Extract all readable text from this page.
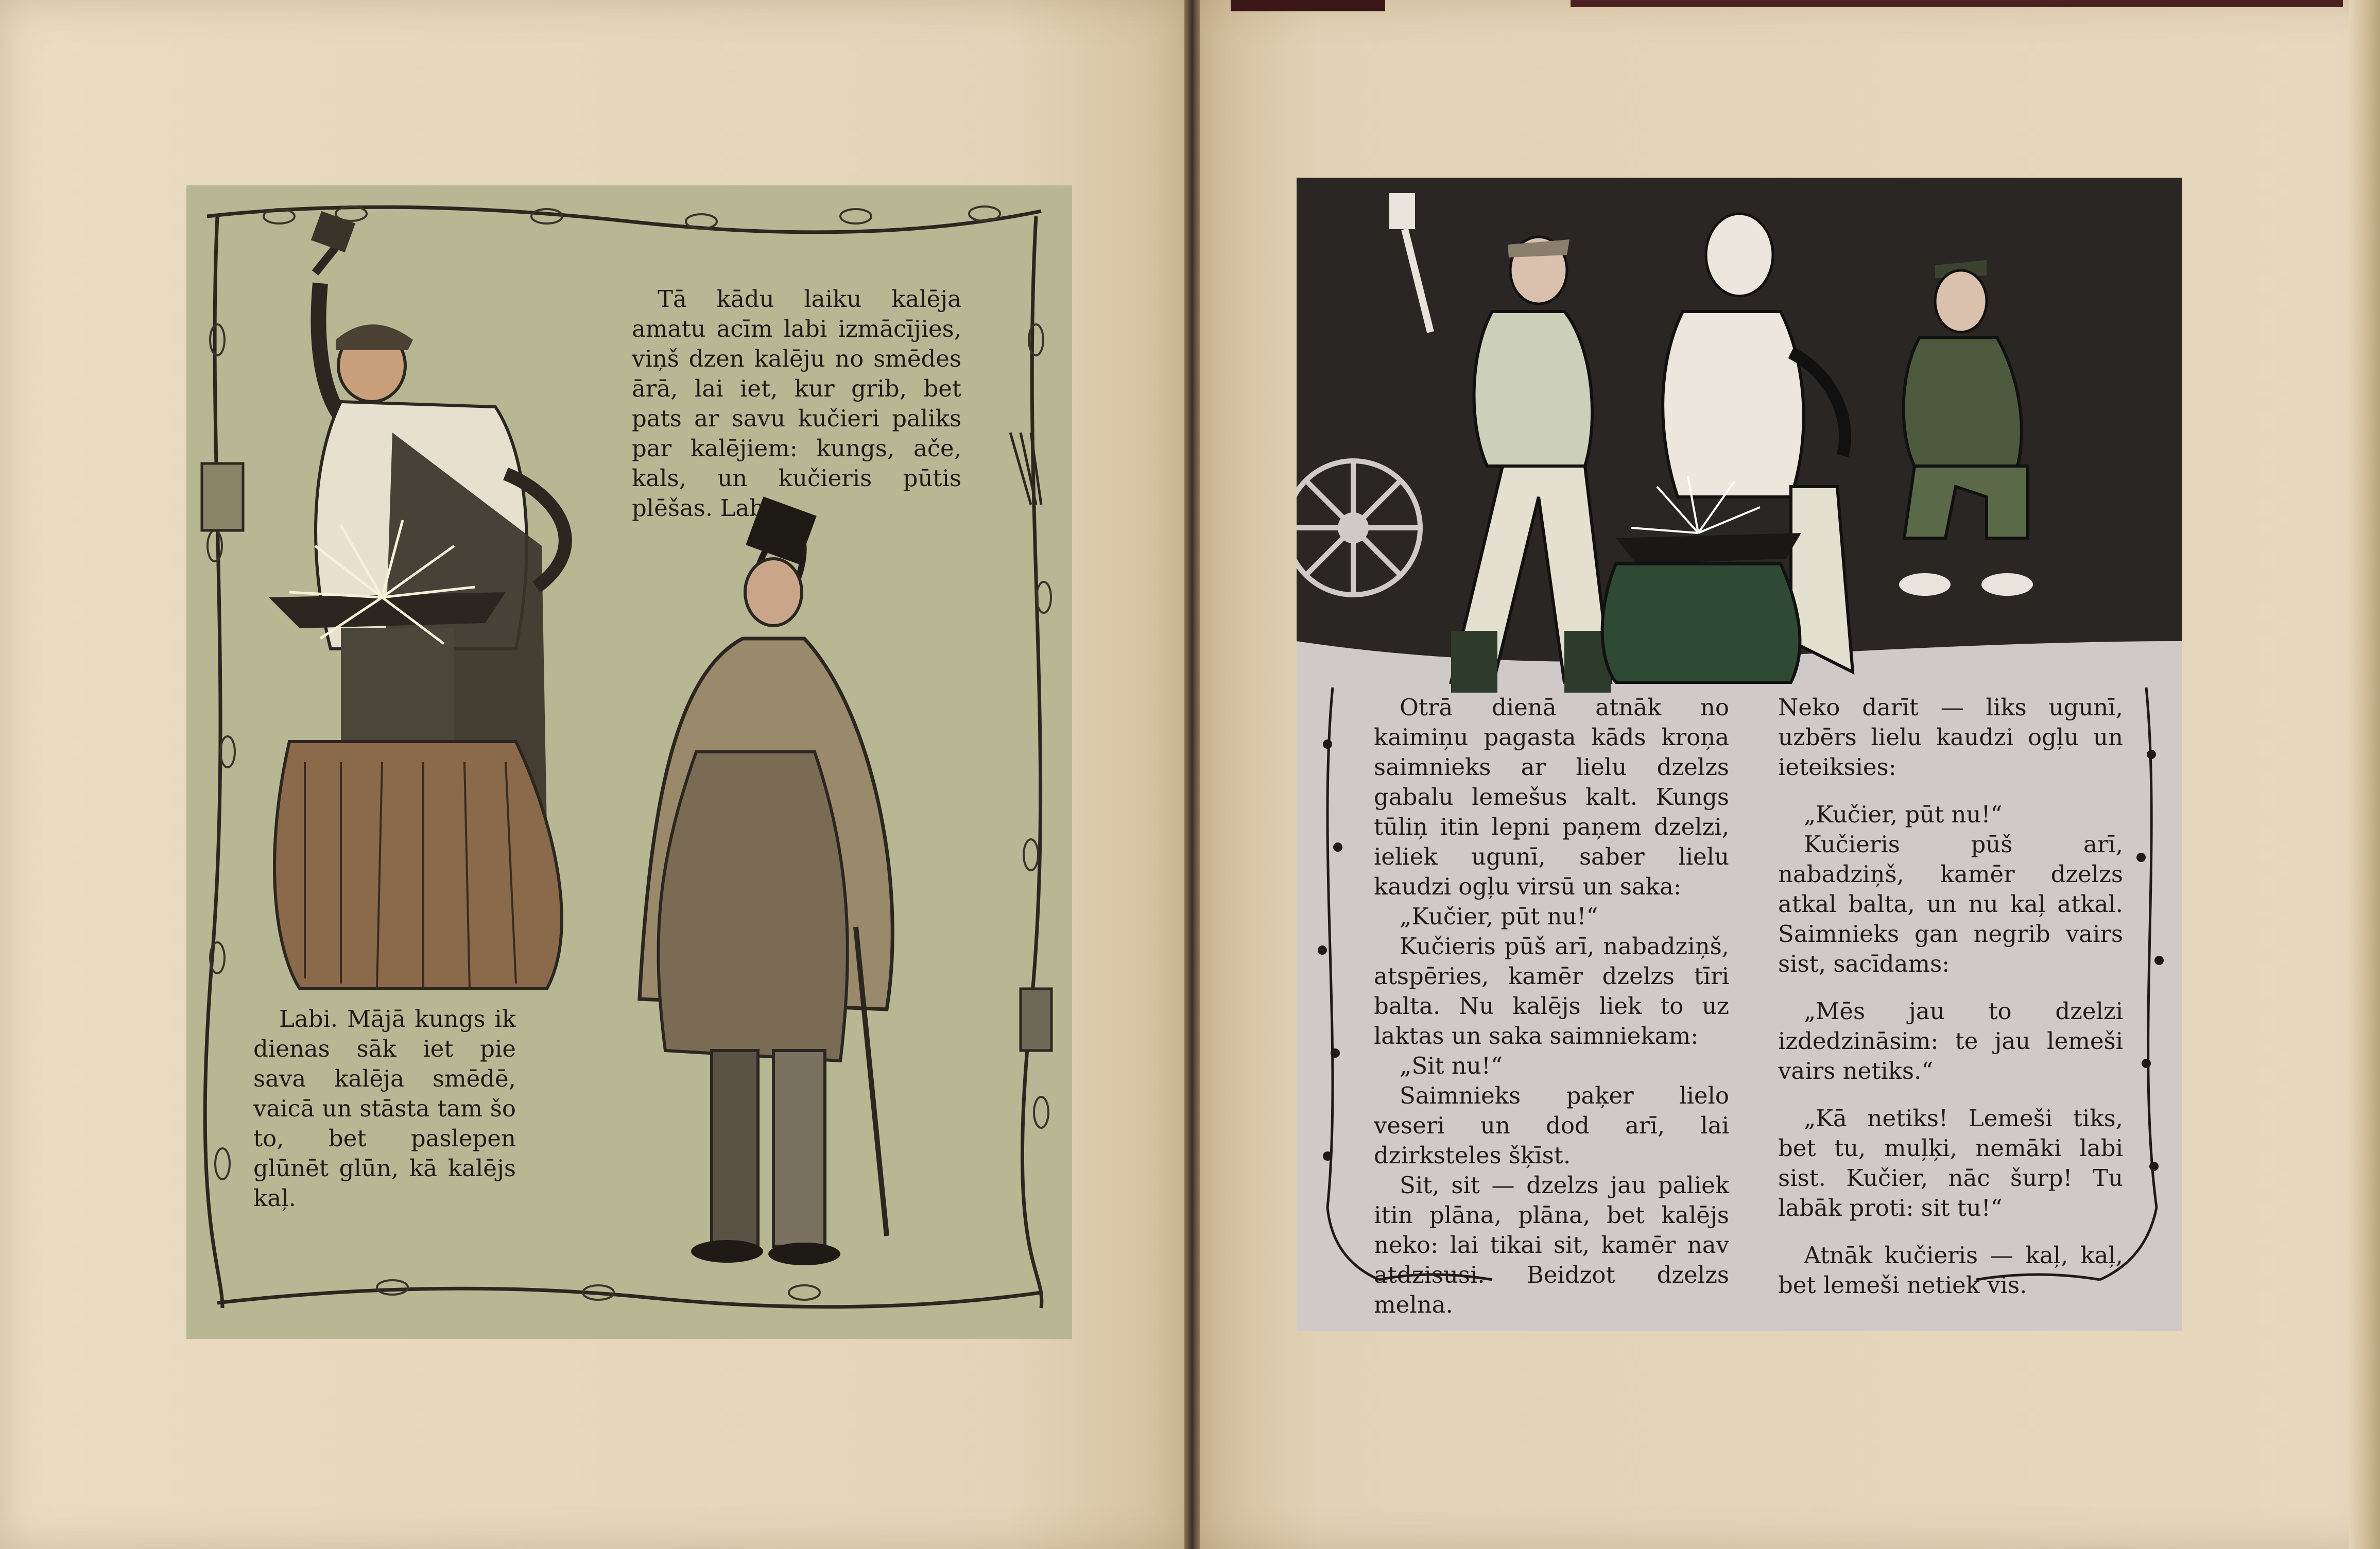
Tā kādu laiku kalēja amatu acīm labi izmācījies, viņš dzen kalēju no smēdes ārā, lai iet, kur grib, bet pats ar savu kučieri paliks par kalējiem: kungs, ače, kals, un kučieris pūtis plēšas. Labi.

Labi. Mājā kungs ik dienas sāk iet pie sava kalēja smēdē, vaicā un stāsta tam šo to, bet paslepen glūnēt glūn, kā kalējs kaļ.

Otrā dienā atnāk no kaimiņu pagasta kāds kroņa saimnieks ar lielu dzelzs gabalu lemešus kalt. Kungs tūliņ itin lepni paņem dzelzi, ieliek ugunī, saber lielu kaudzi ogļu virsū un saka:

„Kučier, pūt nu!“

Kučieris pūš arī, nabadziņš, atspēries, kamēr dzelzs tīri balta. Nu kalējs liek to uz laktas un saka saimniekam:

„Sit nu!“

Saimnieks paķer lielo veseri un dod arī, lai dzirksteles šķīst.

Sit, sit — dzelzs jau paliek itin plāna, plāna, bet kalējs neko: lai tikai sit, kamēr nav atdzisusi. Beidzot dzelzs melna.

Neko darīt — liks ugunī, uzbērs lielu kaudzi ogļu un ieteiksies:

„Kučier, pūt nu!“

Kučieris pūš arī, nabadziņš, kamēr dzelzs atkal balta, un nu kaļ atkal. Saimnieks gan negrib vairs sist, sacīdams:

„Mēs jau to dzelzi izdedzināsim: te jau lemeši vairs netiks.“

„Kā netiks! Lemeši tiks, bet tu, muļķi, nemāki labi sist. Kučier, nāc šurp! Tu labāk proti: sit tu!“

Atnāk kučieris — kaļ, kaļ, bet lemeši netiek vis.
